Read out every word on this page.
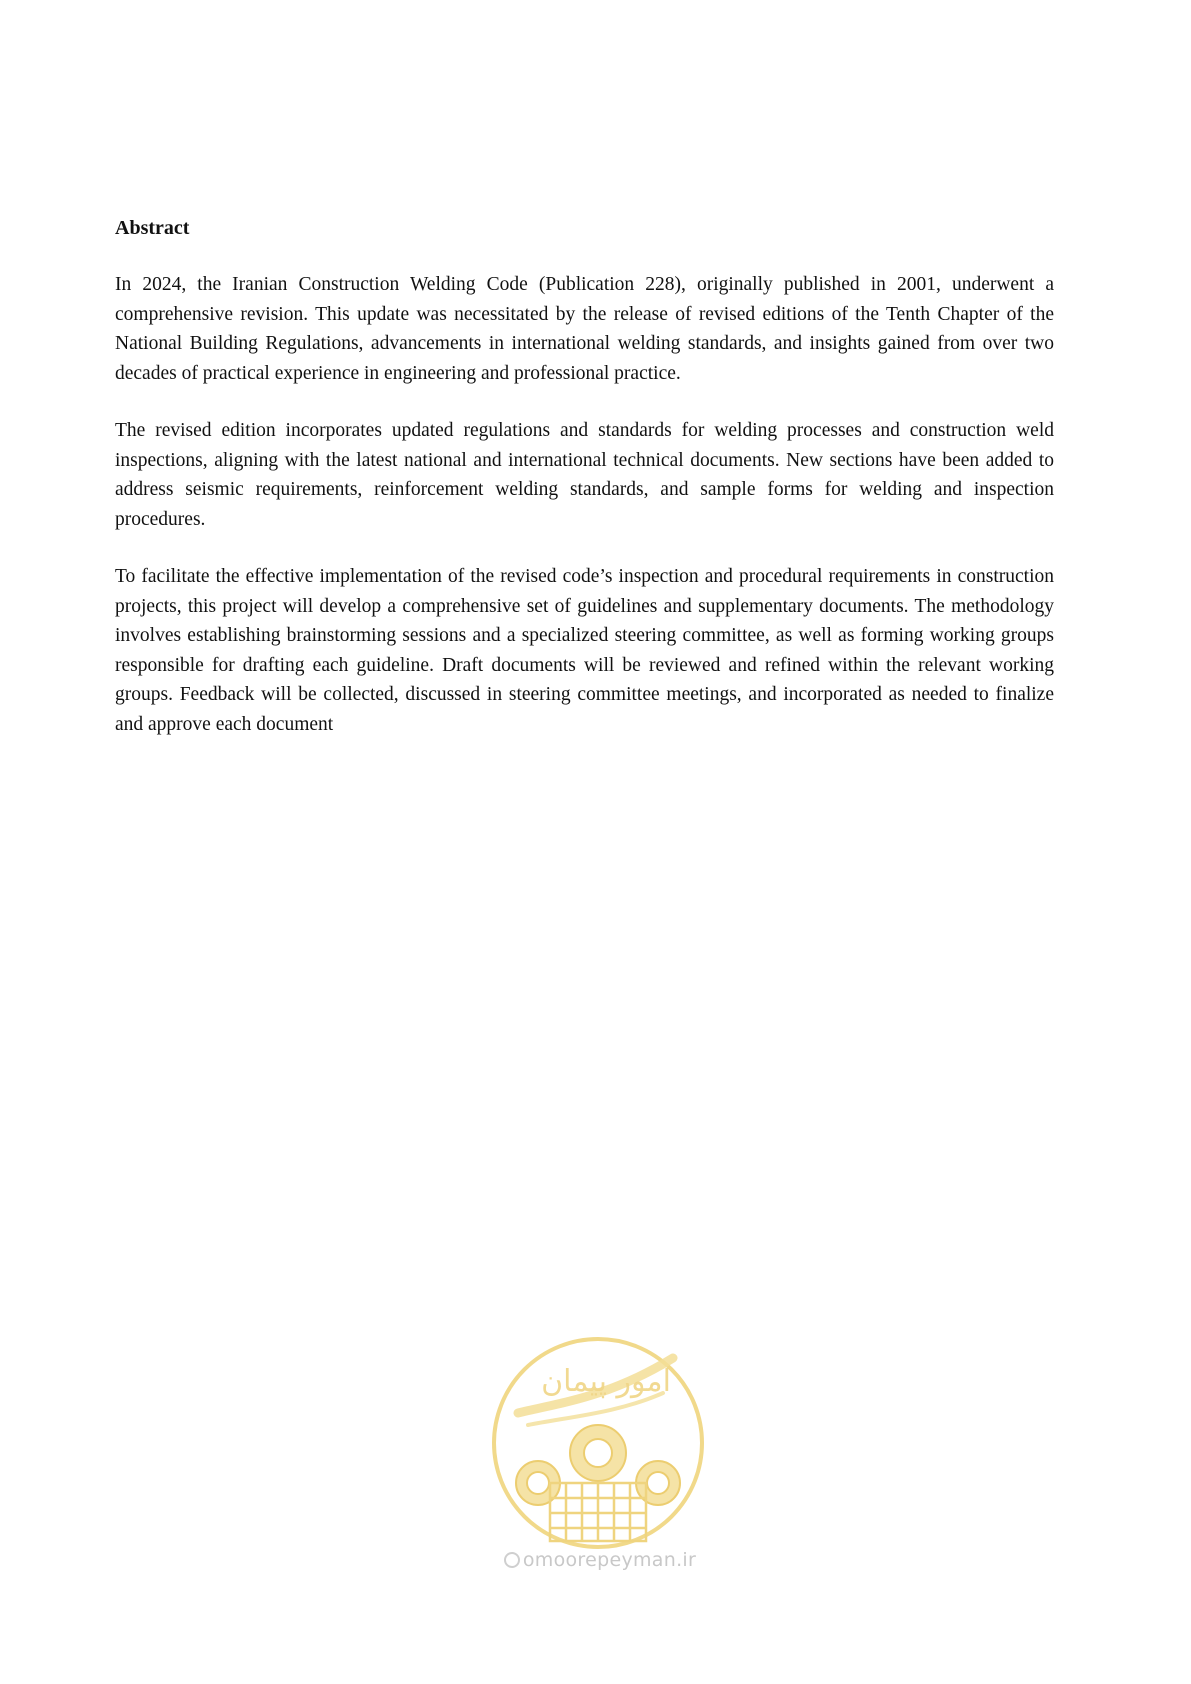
Abstract

In 2024, the Iranian Construction Welding Code (Publication 228), originally published in 2001, underwent a comprehensive revision. This update was necessitated by the release of revised editions of the Tenth Chapter of the National Building Regulations, advancements in international welding standards, and insights gained from over two decades of practical experience in engineering and professional practice.

The revised edition incorporates updated regulations and standards for welding processes and construction weld inspections, aligning with the latest national and international technical documents. New sections have been added to address seismic requirements, reinforcement welding standards, and sample forms for welding and inspection procedures.

To facilitate the effective implementation of the revised code’s inspection and procedural requirements in construction projects, this project will develop a comprehensive set of guidelines and supplementary documents. The methodology involves establishing brainstorming sessions and a specialized steering committee, as well as forming working groups responsible for drafting each guideline. Draft documents will be reviewed and refined within the relevant working groups. Feedback will be collected, discussed in steering committee meetings, and incorporated as needed to finalize and approve each document

امور پیمان
omoorepeyman.ir
